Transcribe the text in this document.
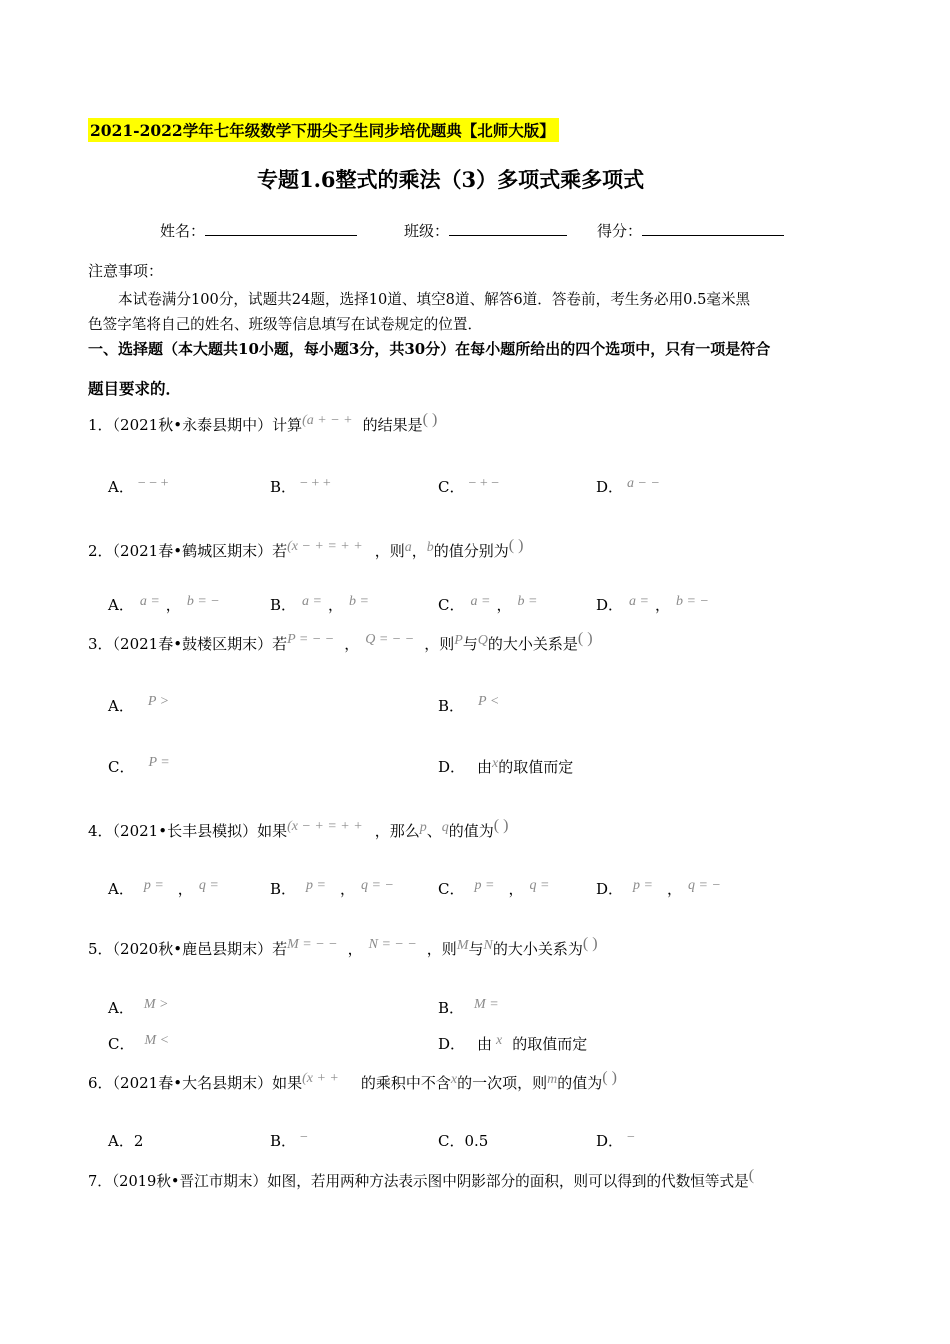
2021-2022学年七年级数学下册尖子生同步培优题典【北师大版】
专题1.6整式的乘法（3）多项式乘多项式
姓名：	班级：	得分：
注意事项：
本试卷满分100分，试题共24题，选择10道、填空8道、解答6道．答卷前，考生务必用0.5毫米黑
色签字笔将自己的姓名、班级等信息填写在试卷规定的位置．
一、选择题（本大题共10小题，每小题3分，共30分）在每小题所给出的四个选项中，只有一项是符合
题目要求的．
1．（2021秋•永泰县期中）计算(a + − + 的结果是( )
A． − − +	B． − + +	C． − + −	D． a − −
2．（2021春•鹤城区期末）若(x − + = + + ，则a，b的值分别为( )
A． a = ， b = −	B． a = ， b =	C． a = ， b =	D． a = ， b = −
3．（2021春•鼓楼区期末）若P = − − ， Q = − − ，则P与Q的大小关系是( )
A． P >	B． P <
C． P =	D． 由x的取值而定
4．（2021•长丰县模拟）如果(x − + = + + ，那么p、q的值为( )
A． p = ， q =	B． p = ， q = −	C． p = ， q =	D． p = ， q = −
5．（2020秋•鹿邑县期末）若M = − − ， N = − − ，则M与N的大小关系为( )
A． M >	B． M =
C． M <	D． 由 x 的取值而定
6．（2021春•大名县期末）如果(x + + 的乘积中不含x的一次项，则m的值为( )
A．2	B． −	C．0.5	D． −
7．（2019秋•晋江市期末）如图，若用两种方法表示图中阴影部分的面积，则可以得到的代数恒等式是(
